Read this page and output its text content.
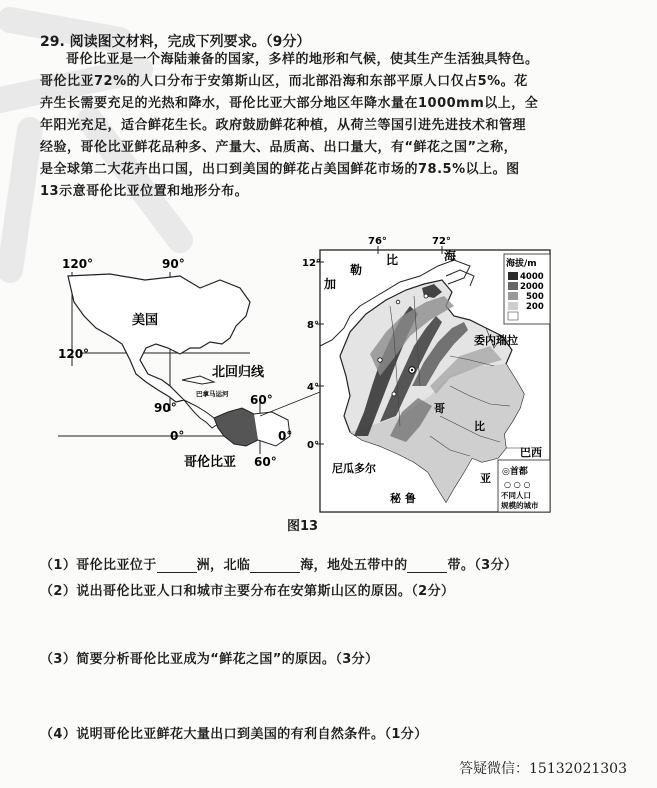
29. 阅读图文材料，完成下列要求。（9分）
哥伦比亚是一个海陆兼备的国家，多样的地形和气候，使其生产生活独具特色。
哥伦比亚72%的人口分布于安第斯山区，而北部沿海和东部平原人口仅占5%。花
卉生长需要充足的光热和降水，哥伦比亚大部分地区年降水量在1000mm以上，全
年阳光充足，适合鲜花生长。政府鼓励鲜花种植，从荷兰等国引进先进技术和管理
经验，哥伦比亚鲜花品种多、产量大、品质高、出口量大，有“鲜花之国”之称，
是全球第二大花卉出口国，出口到美国的鲜花占美国鲜花市场的78.5%以上。图
13示意哥伦比亚位置和地形分布。
120°	90°
美国
120°
北回归线
巴拿马运河
90°
60°
0°	0°
哥伦比亚 60°
海拔/m
4000
2000
500
200
◎首都
○ ○ ○
不同人口
规模的城市
76°	72°
12°
8°
4°
0°
加
勒
比	海
委内瑞拉
比
哥
亚
巴西
尼瓜多尔
秘 鲁
图13
（1）哥伦比亚位于	洲，北临	海，地处五带中的	带。（3分）
（2）说出哥伦比亚人口和城市主要分布在安第斯山区的原因。（2分）
（3）简要分析哥伦比亚成为“鲜花之国”的原因。（3分）
（4）说明哥伦比亚鲜花大量出口到美国的有利自然条件。（1分）
答疑微信：15132021303
